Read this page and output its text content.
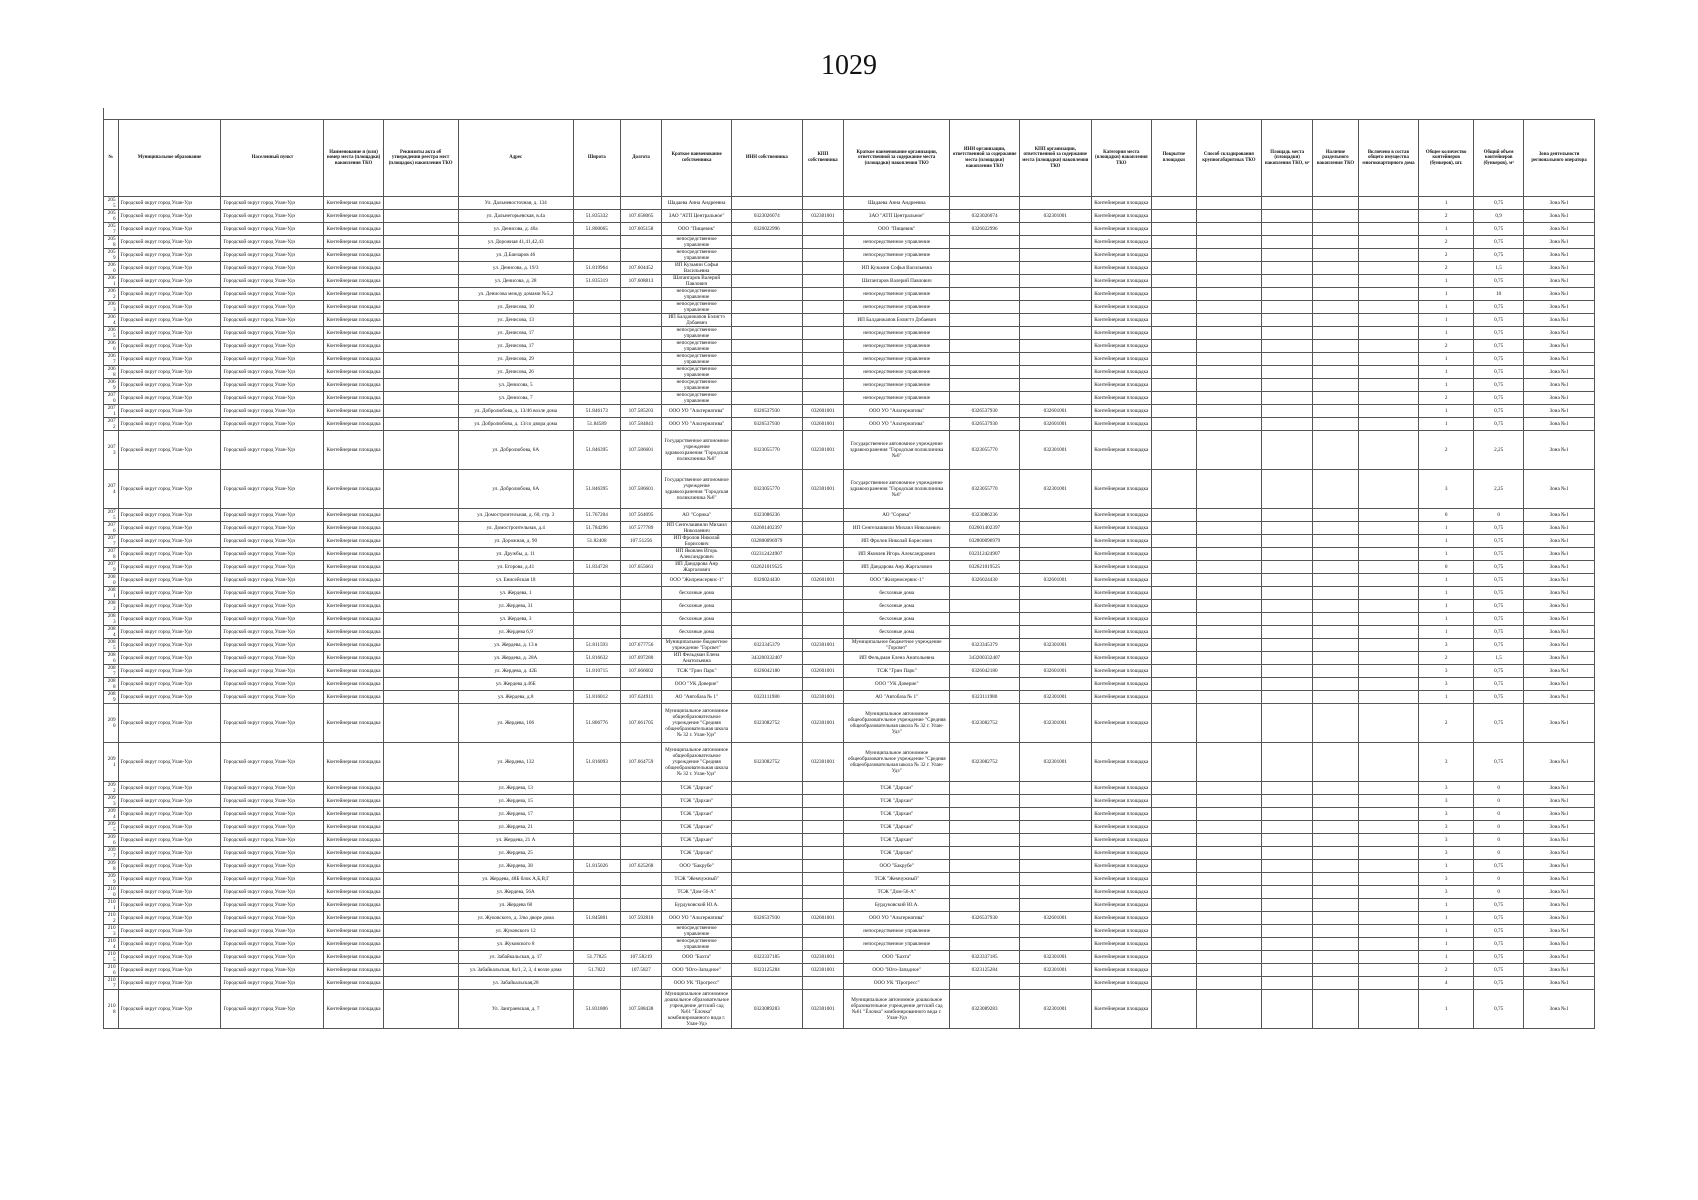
1029
№	Муниципальное образование	Населенный пункт	Наименование и (или) номер места (площадки) накопления ТКО	Реквизиты акта об утверждении реестра мест (площадок) накопления ТКО	Адрес	Широта	Долгота	Краткое наименование собственника	ИНН собственника	КПП собственника	Краткое наименование организации, ответственной за содержание места (площадки) накопления ТКО	ИНН организации, ответственной за содержание места (площадки) накопления ТКО	КПП организации, ответственной за содержание места (площадки) накопления ТКО	Категория места (площадки) накопления ТКО	Покрытие площадки	Способ складирования крупногабаритных ТКО	Площадь места (площадки) накопления ТКО, м²	Наличие раздельного накопления ТКО	Включено в состав общего имущества многоквартирного дома	Общее количество контейнеров (бункеров), шт.	Общий объем контейнеров (бункеров), м³	Зона деятельности регионального оператора
2055	Городской округ город Улан-Удэ	Городской округ город Улан-Удэ	Контейнерная площадка		Ул. Дальневосточная, д. 134			Шадаева Анна Андреевна			Шадаева Анна Андреевна			Контейнерная площадка						1	0,75	Зона №1
2056	Городской округ город Улан-Удэ	Городской округ город Улан-Удэ	Контейнерная площадка		ул. Дальнегорьевская, в.4а	51.835332	107.658065	ЗАО "АТП Центральное"	0323026074	032301001	ЗАО "АТП Центральное"	0323026074	032301001	Контейнерная площадка						2	0,9	Зона №1
2057	Городской округ город Улан-Удэ	Городской округ город Улан-Удэ	Контейнерная площадка		ул. Денисова, д. 40а	51.800065	107.605158	ООО "Пищевик"	0326022996		ООО "Пищевик"	0326022996		Контейнерная площадка						1	0,75	Зона №1
2058	Городской округ город Улан-Удэ	Городской округ город Улан-Удэ	Контейнерная площадка		ул. Дорожная 41,41,42,43			непосредственное управление			непосредственное управление			Контейнерная площадка						2	0,75	Зона №1
2059	Городской округ город Улан-Удэ	Городской округ город Улан-Удэ	Контейнерная площадка		ул. Д.Банзаров 46			непосредственное управление			непосредственное управление			Контейнерная площадка						2	0,75	Зона №1
2060	Городской округ город Улан-Удэ	Городской округ город Улан-Удэ	Контейнерная площадка		ул. Денисова, д. 19/3	51.819964	107.604452	ИП Кузьмин Софья Васильевна			ИП Кузьмин Софья Васильевна			Контейнерная площадка						2	1,5	Зона №1
2061	Городской округ город Улан-Удэ	Городской округ город Улан-Удэ	Контейнерная площадка		ул. Денисова, д. 28	51.835319	107.608813	Шатангаров Валерий Павлович			Шатангаров Валерий Павлович			Контейнерная площадка						1	0,75	Зона №1
2062	Городской округ город Улан-Удэ	Городской округ город Улан-Удэ	Контейнерная площадка		ул. Денисова между домами №5,2			непосредственное управление			непосредственное управление			Контейнерная площадка						1	10	Зона №1
2063	Городской округ город Улан-Удэ	Городской округ город Улан-Удэ	Контейнерная площадка		ул. Денисова, 10			непосредственное управление			непосредственное управление			Контейнерная площадка						1	0,75	Зона №1
2064	Городской округ город Улан-Удэ	Городской округ город Улан-Удэ	Контейнерная площадка		ул. Денисова, 13			ИП Балданжапов Бэлигтэ Дэбаевич			ИП Балданжапов Бэлигтэ Дэбаевич			Контейнерная площадка						1	0,75	Зона №1
2065	Городской округ город Улан-Удэ	Городской округ город Улан-Удэ	Контейнерная площадка		ул. Денисова, 17			непосредственное управление			непосредственное управление			Контейнерная площадка						1	0,75	Зона №1
2066	Городской округ город Улан-Удэ	Городской округ город Улан-Удэ	Контейнерная площадка		ул. Денисова, 17			непосредственное управление			непосредственное управление			Контейнерная площадка						2	0,75	Зона №1
2067	Городской округ город Улан-Удэ	Городской округ город Улан-Удэ	Контейнерная площадка		ул. Денисова, 29			непосредственное управление			непосредственное управление			Контейнерная площадка						1	0,75	Зона №1
2068	Городской округ город Улан-Удэ	Городской округ город Улан-Удэ	Контейнерная площадка		ул. Денисова, 26			непосредственное управление			непосредственное управление			Контейнерная площадка						1	0,75	Зона №1
2069	Городской округ город Улан-Удэ	Городской округ город Улан-Удэ	Контейнерная площадка		ул. Денисова, 5			непосредственное управление			непосредственное управление			Контейнерная площадка						1	0,75	Зона №1
2070	Городской округ город Улан-Удэ	Городской округ город Улан-Удэ	Контейнерная площадка		ул. Денисова, 7			непосредственное управление			непосредственное управление			Контейнерная площадка						2	0,75	Зона №1
2071	Городской округ город Улан-Удэ	Городской округ город Улан-Удэ	Контейнерная площадка		ул. Добролюбова, д. 13/46 возле дома	51.846173	107.585203	ООО УО "Альтернатива"	0326537930	032601001	ООО УО "Альтернатива"	0326537930	032601001	Контейнерная площадка						1	0,75	Зона №1
2072	Городской округ город Улан-Удэ	Городской округ город Улан-Удэ	Контейнерная площадка		ул. Добролюбова, д. 13/со двора дома	51.84589	107.584843	ООО УО "Альтернатива"	0326537930	032601001	ООО УО "Альтернатива"	0326537930	032601001	Контейнерная площадка						1	0,75	Зона №1
2073	Городской округ город Улан-Удэ	Городской округ город Улан-Удэ	Контейнерная площадка		ул. Добролюбова, 6А	51.846395	107.586601	Государственное автономное учреждение здравоохранения "Городская поликлиника №6"	0323055770	032301001	Государственное автономное учреждение здравоохранения "Городская поликлиника №6"	0323055770	032301001	Контейнерная площадка						2	2,25	Зона №1
2074	Городской округ город Улан-Удэ	Городской округ город Улан-Удэ	Контейнерная площадка		ул. Добролюбова, 6А	51.846395	107.586601	Государственное автономное учреждение здравоохранения "Городская поликлиника №6"	0323055770	032301001	Государственное автономное учреждение здравоохранения "Городская поликлиника №6"	0323055770	032301001	Контейнерная площадка						3	2,25	Зона №1
2075	Городской округ город Улан-Удэ	Городской округ город Улан-Удэ	Контейнерная площадка		ул. Домостроительная, д. 60, стр. 3	51.767204	107.564095	АО "Сорика"	0323086236		АО "Сорика"	0323086236		Контейнерная площадка						0	0	Зона №1
2076	Городской округ город Улан-Удэ	Городской округ город Улан-Удэ	Контейнерная площадка		ул. Домостроительная, д.4	51.784296	107.577789	ИП Сенгелашвили Михаил Николаевич	032601402397		ИП Сенгелашвили Михаил Николаевич	032601402397		Контейнерная площадка						1	0,75	Зона №1
2077	Городской округ город Улан-Удэ	Городской округ город Улан-Удэ	Контейнерная площадка		ул. Дорожная, д. 90	51.82408	107.51256	ИП Фролов Николай Борисович	032800096979		ИП Фролов Николай Борисович	032800096979		Контейнерная площадка						1	0,75	Зона №1
2078	Городской округ город Улан-Удэ	Городской округ город Улан-Удэ	Контейнерная площадка		ул. Дружбы, д. 11			ИП Яковлев Игорь Александрович	032312424907		ИП Яковлев Игорь Александрович	032312424907		Контейнерная площадка						1	0,75	Зона №1
2079	Городской округ город Улан-Удэ	Городской округ город Улан-Удэ	Контейнерная площадка		ул. Егорова, д.41	51.834728	107.655661	ИП Дандарова Анр Жаргалович	032621019525		ИП Дандарова Анр Жаргалович	032621019525		Контейнерная площадка						0	0,75	Зона №1
2080	Городской округ город Улан-Удэ	Городской округ город Улан-Удэ	Контейнерная площадка		ул. Енисейская 18			ООО "Жилремсервис-1"	0326024430	032601001	ООО "Жилремсервис-1"	0326024430	032601001	Контейнерная площадка						1	0,75	Зона №1
2081	Городской округ город Улан-Удэ	Городской округ город Улан-Удэ	Контейнерная площадка		ул. Жердева, 1			бесхозные дома			бесхозные дома			Контейнерная площадка						1	0,75	Зона №1
2082	Городской округ город Улан-Удэ	Городской округ город Улан-Удэ	Контейнерная площадка		ул. Жердева, 31			бесхозные дома			бесхозные дома			Контейнерная площадка						1	0,75	Зона №1
2083	Городской округ город Улан-Удэ	Городской округ город Улан-Удэ	Контейнерная площадка		ул. Жердева, 3			бесхозные дома			бесхозные дома			Контейнерная площадка						1	0,75	Зона №1
2084	Городской округ город Улан-Удэ	Городской округ город Улан-Удэ	Контейнерная площадка		ул. Жердева 6,9			бесхозные дома			бесхозные дома			Контейнерная площадка						1	0,75	Зона №1
2085	Городской округ город Улан-Удэ	Городской округ город Улан-Удэ	Контейнерная площадка		ул. Жердева, д. 13 в	51.811593	107.677756	Муниципальное бюджетное учреждение "Горсвет"	0323345379	032301001	Муниципальное бюджетное учреждение "Горсвет"	0323345379	032301001	Контейнерная площадка						3	0,75	Зона №1
2086	Городской округ город Улан-Удэ	Городской округ город Улан-Удэ	Контейнерная площадка		ул. Жердева, д. 28А	51.816632	107.697280	ИП Фельдман Елена Анатольевна	343200332407		ИП Фельдман Елена Анатольевна	343200332407		Контейнерная площадка						2	1,5	Зона №1
2087	Городской округ город Улан-Удэ	Городской округ город Улан-Удэ	Контейнерная площадка		ул. Жердева, д. 42Б	51.810715	107.666602	ТСЖ "Грин Парк"	0326042180	032601001	ТСЖ "Грин Парк"	0326042180	032601001	Контейнерная площадка						3	0,75	Зона №1
2088	Городской округ город Улан-Удэ	Городской округ город Улан-Удэ	Контейнерная площадка		ул. Жердева д.46Б			ООО "УК Доверие"			ООО "УК Доверие"			Контейнерная площадка						3	0,75	Зона №1
2089	Городской округ город Улан-Удэ	Городской округ город Улан-Удэ	Контейнерная площадка		ул. Жердева, д.8	51.816012	107.624911	АО "Автобаза № 1"	0323111980	032301001	АО "Автобаза № 1"	0323111980	032301001	Контейнерная площадка						1	0,75	Зона №1
2090	Городской округ город Улан-Удэ	Городской округ город Улан-Удэ	Контейнерная площадка		ул. Жердева, 106	51.806776	107.661705	Муниципальное автономное общеобразовательное учреждение "Средняя общеобразовательная школа № 32 г. Улан-Удэ"	0323082752	032301001	Муниципальное автономное общеобразовательное учреждение "Средняя общеобразовательная школа № 32 г. Улан-Удэ"	0323082752	032301001	Контейнерная площадка						2	0,75	Зона №1
2091	Городской округ город Улан-Удэ	Городской округ город Улан-Удэ	Контейнерная площадка		ул. Жердева, 132	51.816093	107.664759	Муниципальное автономное общеобразовательное учреждение "Средняя общеобразовательная школа № 32 г. Улан-Удэ"	0323082752	032301001	Муниципальное автономное общеобразовательное учреждение "Средняя общеобразовательная школа № 32 г. Улан-Удэ"	0323082752	032301001	Контейнерная площадка						3	0,75	Зона №1
2092	Городской округ город Улан-Удэ	Городской округ город Улан-Удэ	Контейнерная площадка		ул. Жердева, 13			ТСЖ "Дархан"			ТСЖ "Дархан"			Контейнерная площадка						3	0	Зона №1
2093	Городской округ город Улан-Удэ	Городской округ город Улан-Удэ	Контейнерная площадка		ул. Жердева, 15			ТСЖ "Дархан"			ТСЖ "Дархан"			Контейнерная площадка						3	0	Зона №1
2094	Городской округ город Улан-Удэ	Городской округ город Улан-Удэ	Контейнерная площадка		ул. Жердева, 17			ТСЖ "Дархан"			ТСЖ "Дархан"			Контейнерная площадка						3	0	Зона №1
2095	Городской округ город Улан-Удэ	Городской округ город Улан-Удэ	Контейнерная площадка		ул. Жердева, 21			ТСЖ "Дархан"			ТСЖ "Дархан"			Контейнерная площадка						3	0	Зона №1
2096	Городской округ город Улан-Удэ	Городской округ город Улан-Удэ	Контейнерная площадка		ул. Жердева, 21 А			ТСЖ "Дархан"			ТСЖ "Дархан"			Контейнерная площадка						3	0	Зона №1
2097	Городской округ город Улан-Удэ	Городской округ город Улан-Удэ	Контейнерная площадка		ул. Жердева, 25			ТСЖ "Дархан"			ТСЖ "Дархан"			Контейнерная площадка						3	0	Зона №1
2098	Городской округ город Улан-Удэ	Городской округ город Улан-Удэ	Контейнерная площадка		ул. Жердева, 38	51.815026	107.625268	ООО "Бакрубе"			ООО "Бакрубе"			Контейнерная площадка						1	0,75	Зона №1
2099	Городской округ город Улан-Удэ	Городской округ город Улан-Удэ	Контейнерная площадка		ул. Жердева, 48Б блок А,Б,В,Г			ТСЖ "Жемчужный"			ТСЖ "Жемчужный"			Контейнерная площадка						3	0	Зона №1
2100	Городской округ город Улан-Удэ	Городской округ город Улан-Удэ	Контейнерная площадка		ул. Жердева, 56А			ТСЖ "Дом-56-А"			ТСЖ "Дом-56-А"			Контейнерная площадка						3	0	Зона №1
2101	Городской округ город Улан-Удэ	Городской округ город Улан-Удэ	Контейнерная площадка		ул. Жердева 68			Бурдуковский Ю.А.			Бурдуковский Ю.А.			Контейнерная площадка						1	0,75	Зона №1
2102	Городской округ город Улан-Удэ	Городской округ город Улан-Удэ	Контейнерная площадка		ул. Жуковского, д. 3/во дворе дома	51.845801	107.592810	ООО УО "Альтернатива"	0326537930	032601001	ООО УО "Альтернатива"	0326537930	032601001	Контейнерная площадка						1	0,75	Зона №1
2103	Городской округ город Улан-Удэ	Городской округ город Улан-Удэ	Контейнерная площадка		ул. Жуковского 12			непосредственное управление			непосредственное управление			Контейнерная площадка						1	0,75	Зона №1
2104	Городской округ город Улан-Удэ	Городской округ город Улан-Удэ	Контейнерная площадка		ул. Жуковского 8			непосредственное управление			непосредственное управление			Контейнерная площадка						1	0,75	Зона №1
2105	Городской округ город Улан-Удэ	Городской округ город Улан-Удэ	Контейнерная площадка		ул. Забайкальская, д. 17	51.77825	107.58219	ООО "Бахта"	0323337185	032301001	ООО "Бахта"	0323337185	032301001	Контейнерная площадка						1	0,75	Зона №1
2106	Городской округ город Улан-Удэ	Городской округ город Улан-Удэ	Контейнерная площадка		ул. Забайкальская, 8а/1, 2, 3, 4 возле дома	51.7822	107.5827	ООО "Юго-Западное"	0323125284	032301001	ООО "Юго-Западное"	0323125284	032301001	Контейнерная площадка						2	0,75	Зона №1
2107	Городской округ город Улан-Удэ	Городской округ город Улан-Удэ	Контейнерная площадка		ул. Забайкальская,28			ООО УК "Прогресс"			ООО УК "Прогресс"			Контейнерная площадка						4	0,75	Зона №1
2108	Городской округ город Улан-Удэ	Городской округ город Улан-Удэ	Контейнерная площадка		Ул. Заиграевская, д. 7	51.831806	107.588438	Муниципальное автономное дошкольное образовательное учреждение детский сад №61 "Ёлочка" комбинированного вида г. Улан-Удэ	0323089283	032301001	Муниципальное автономное дошкольное образовательное учреждение детский сад №61 "Ёлочка" комбинированного вида г. Улан-Удэ	0323089283	032301001	Контейнерная площадка						1	0,75	Зона №1
